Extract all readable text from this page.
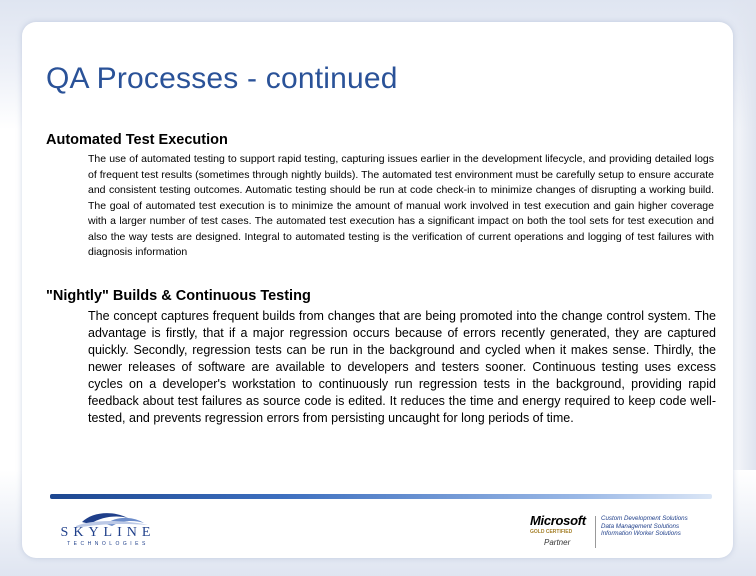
QA Processes - continued
Automated Test Execution

The use of automated testing to support rapid testing, capturing issues earlier in the development lifecycle, and providing detailed logs of frequent test results (sometimes through nightly builds). The automated test environment must be carefully setup to ensure accurate and consistent testing outcomes. Automatic testing should be run at code check-in to minimize changes of disrupting a working build. The goal of automated test execution is to minimize the amount of manual work involved in test execution and gain higher coverage with a larger number of test cases. The automated test execution has a significant impact on both the tool sets for test execution and also the way tests are designed. Integral to automated testing is the verification of current operations and logging of test failures with diagnosis information

"Nightly" Builds & Continuous Testing

The concept captures frequent builds from changes that are being promoted into the change control system. The advantage is firstly, that if a major regression occurs because of errors recently generated, they are captured quickly. Secondly, regression tests can be run in the background and cycled when it makes sense. Thirdly, the newer releases of software are available to developers and testers sooner. Continuous testing uses excess cycles on a developer's workstation to continuously run regression tests in the background, providing rapid feedback about test failures as source code is edited. It reduces the time and energy required to keep code well-tested, and prevents regression errors from persisting uncaught for long periods of time.

SKYLINE
TECHNOLOGIES
Microsoft
GOLD CERTIFIED
Partner
Custom Development Solutions
Data Management Solutions
Information Worker Solutions
